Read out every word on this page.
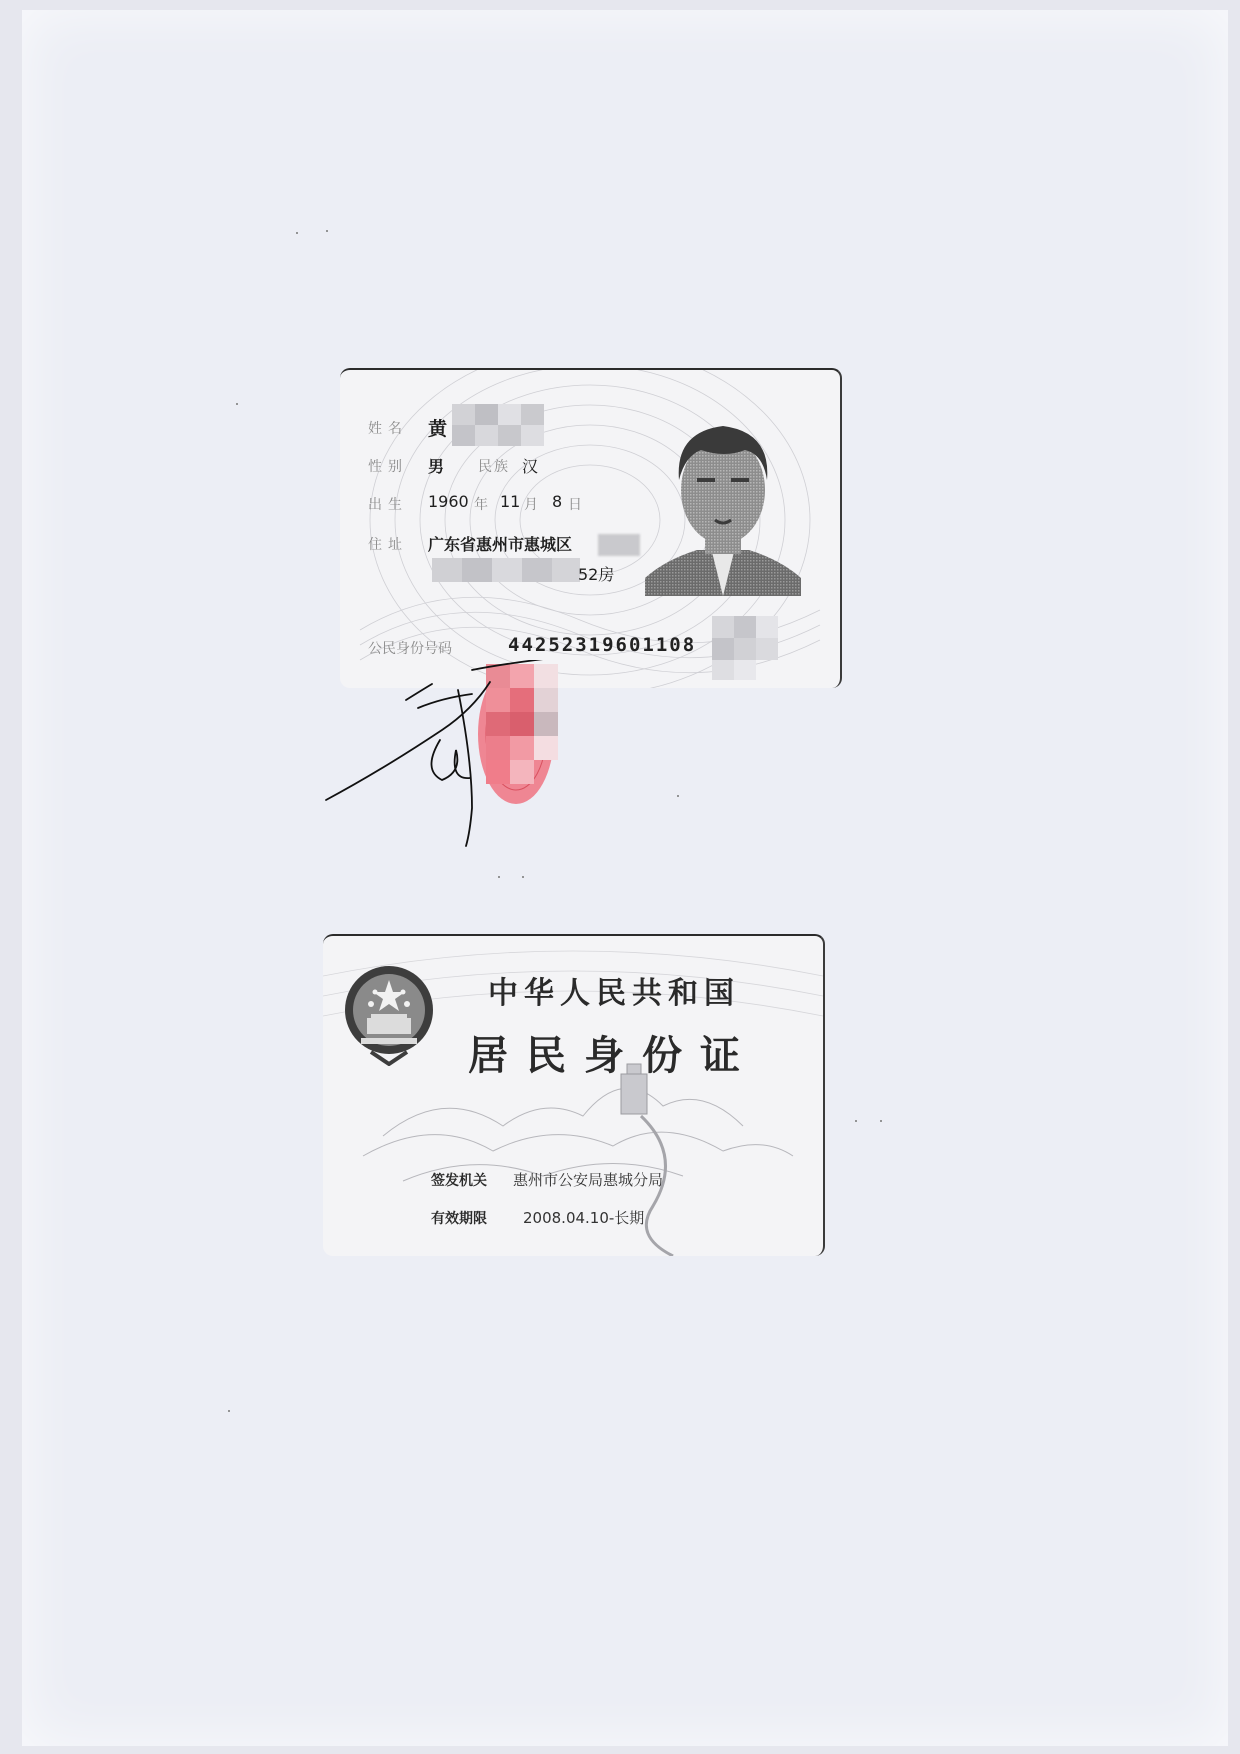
姓名
性别	民族
出生
住址
公民身份号码
黄
男	汉
1960 年 11 月 8 日
广东省惠州市惠城区
52房
44252319601108
中华人民共和国
居民身份证
签发机关 惠州市公安局惠城分局
有效期限 2008.04.10-长期
